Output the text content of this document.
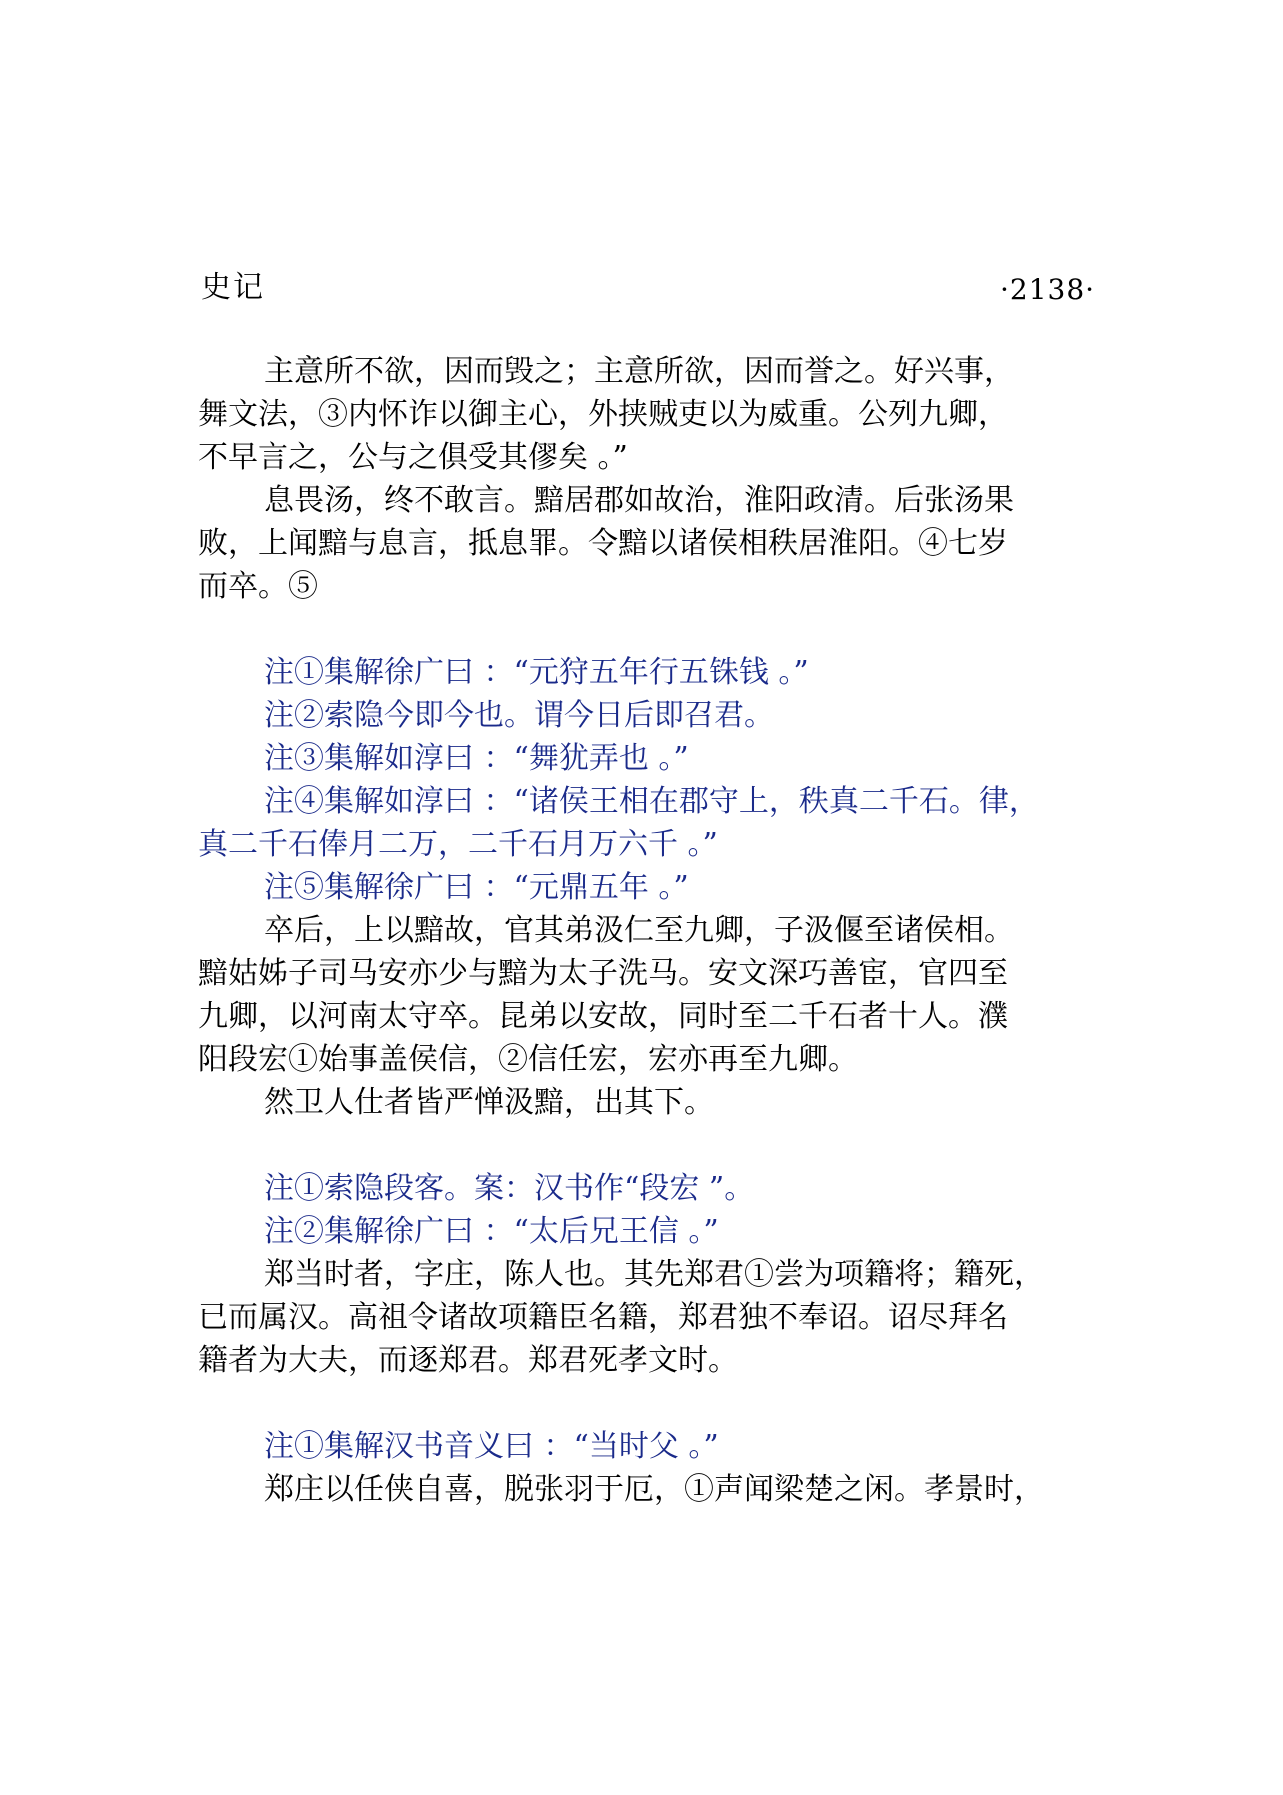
史记	·2138·
主意所不欲，因而毁之；主意所欲，因而誉之。好兴事，
舞文法，③内怀诈以御主心，外挟贼吏以为威重。公列九卿，
不早言之，公与之俱受其僇矣 。”
息畏汤，终不敢言。黯居郡如故治，淮阳政清。后张汤果
败，上闻黯与息言，抵息罪。令黯以诸侯相秩居淮阳。④七岁
而卒。⑤
注①集解徐广曰 ：“元狩五年行五铢钱 。”
注②索隐今即今也。谓今日后即召君。
注③集解如淳曰 ：“舞犹弄也 。”
注④集解如淳曰 ：“诸侯王相在郡守上，秩真二千石。律，
真二千石俸月二万，二千石月万六千 。”
注⑤集解徐广曰 ：“元鼎五年 。”
卒后，上以黯故，官其弟汲仁至九卿，子汲偃至诸侯相。
黯姑姊子司马安亦少与黯为太子洗马。安文深巧善宦，官四至
九卿，以河南太守卒。昆弟以安故，同时至二千石者十人。濮
阳段宏①始事盖侯信，②信任宏，宏亦再至九卿。
然卫人仕者皆严惮汲黯，出其下。
注①索隐段客。案：汉书作“段宏 ”。
注②集解徐广曰 ：“太后兄王信 。”
郑当时者，字庄，陈人也。其先郑君①尝为项籍将；籍死，
已而属汉。高祖令诸故项籍臣名籍，郑君独不奉诏。诏尽拜名
籍者为大夫，而逐郑君。郑君死孝文时。
注①集解汉书音义曰 ：“当时父 。”
郑庄以任侠自喜，脱张羽于厄，①声闻梁楚之闲。孝景时，
